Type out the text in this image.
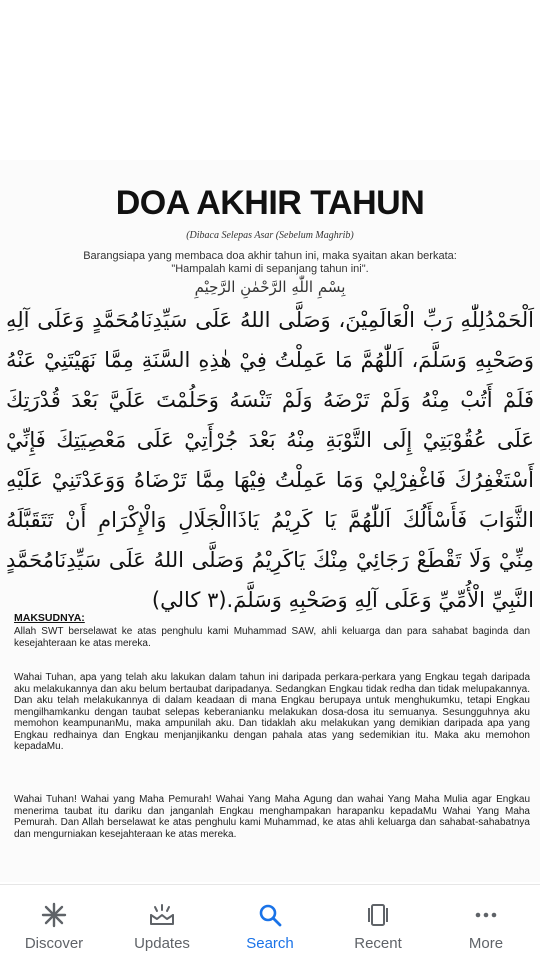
DOA AKHIR TAHUN
(Dibaca Selepas Asar (Sebelum Maghrib)
Barangsiapa yang membaca doa akhir tahun ini, maka syaitan akan berkata:
"Hampalah kami di sepanjang tahun ini".
بِسْمِ اللّٰهِ الرَّحْمٰنِ الرَّحِيْمِ
اَلْحَمْدُلِلّٰهِ رَبِّ الْعَالَمِيْنَ، وَصَلَّى اللهُ عَلَى سَيِّدِنَامُحَمَّدٍ وَعَلَى آلِهِ وَصَحْبِهِ وَسَلَّمَ، اَللّٰهُمَّ مَا عَمِلْتُ فِيْ هٰذِهِ السَّنَةِ مِمَّا نَهَيْتَنِيْ عَنْهُ فَلَمْ أَتُبْ مِنْهُ وَلَمْ تَرْضَهُ وَلَمْ تَنْسَهُ وَحَلُمْتَ عَلَيَّ بَعْدَ قُدْرَتِكَ عَلَى عُقُوْبَتِيْ إِلَى التَّوْبَةِ مِنْهُ بَعْدَ جُرْأَتِيْ عَلَى مَعْصِيَتِكَ فَإِنِّيْ أَسْتَغْفِرُكَ فَاغْفِرْلِيْ وَمَا عَمِلْتُ فِيْهَا مِمَّا تَرْضَاهُ وَوَعَدْتَنِيْ عَلَيْهِ الثَّوَابَ فَأَسْأَلُكَ اَللّٰهُمَّ يَا كَرِيْمُ يَاذَاالْجَلَالِ وَالْإِكْرَامِ أَنْ تَتَقَبَّلَهُ مِنِّيْ وَلَا تَقْطَعْ رَجَائِيْ مِنْكَ يَاكَرِيْمُ وَصَلَّى اللهُ عَلَى سَيِّدِنَامُحَمَّدٍ النَّبِيِّ الْأُمِّيِّ وَعَلَى آلِهِ وَصَحْبِهِ وَسَلَّمَ.(٣ كالي)
MAKSUDNYA:
Allah SWT berselawat ke atas penghulu kami Muhammad SAW, ahli keluarga dan para sahabat baginda dan kesejahteraan ke atas mereka.
Wahai Tuhan, apa yang telah aku lakukan dalam tahun ini daripada perkara-perkara yang Engkau tegah daripada aku melakukannya dan aku belum bertaubat daripadanya. Sedangkan Engkau tidak redha dan tidak melupakannya. Dan aku telah melakukannya di dalam keadaan di mana Engkau berupaya untuk menghukumku, tetapi Engkau mengilhamkanku dengan taubat selepas keberanianku melakukan dosa-dosa itu semuanya. Sesungguhnya aku memohon keampunanMu, maka ampunilah aku. Dan tidaklah aku melakukan yang demikian daripada apa yang Engkau redhainya dan Engkau menjanjikanku dengan pahala atas yang sedemikian itu. Maka aku memohon kepadaMu.
Wahai Tuhan! Wahai yang Maha Pemurah! Wahai Yang Maha Agung dan wahai Yang Maha Mulia agar Engkau menerima taubat itu dariku dan janganlah Engkau menghampakan harapanku kepadaMu Wahai Yang Maha Pemurah. Dan Allah berselawat ke atas penghulu kami Muhammad, ke atas ahli keluarga dan sahabat-sahabatnya dan mengurniakan kesejahteraan ke atas mereka.
Discover	Updates	Search	Recent	More
